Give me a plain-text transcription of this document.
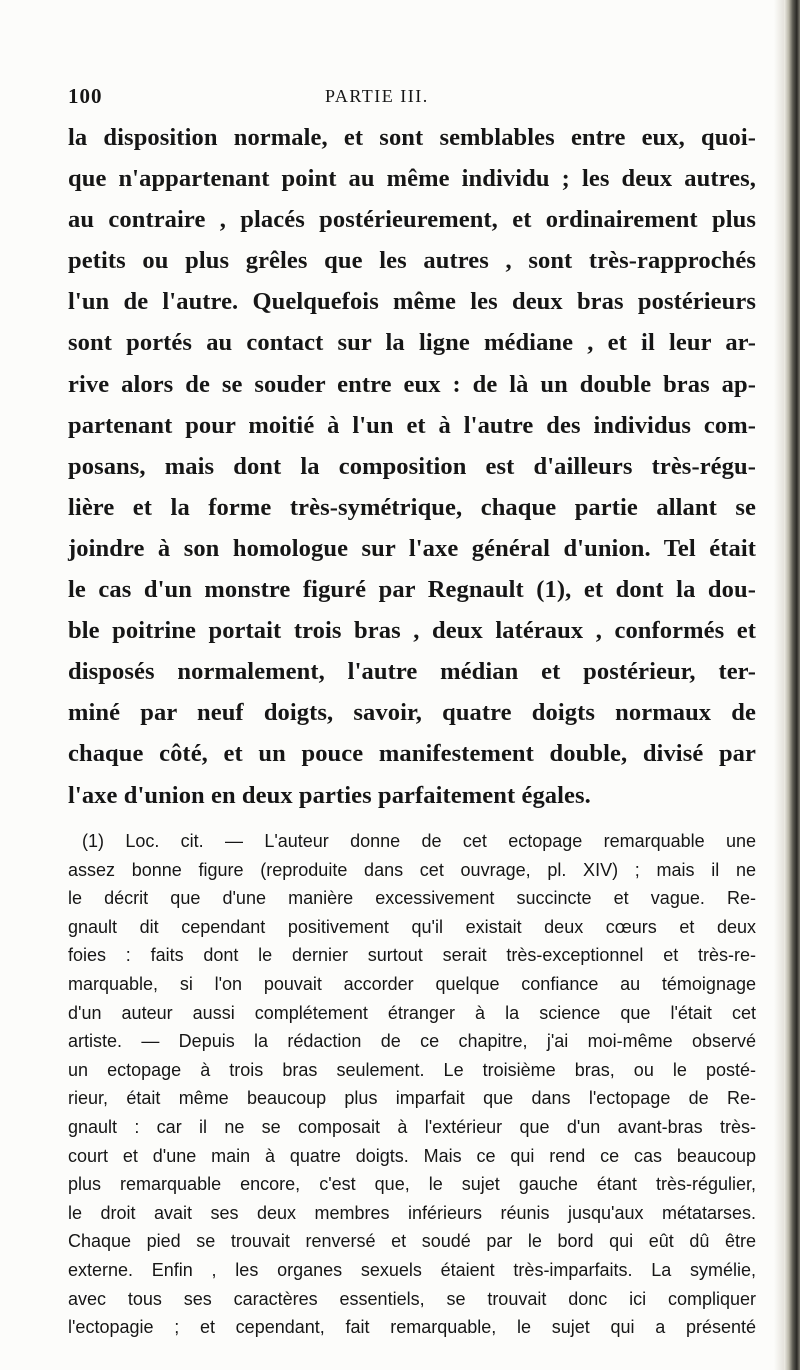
100	PARTIE III.
la disposition normale, et sont semblables entre eux, quoi-
que n'appartenant point au même individu ; les deux autres,
au contraire , placés postérieurement, et ordinairement plus
petits ou plus grêles que les autres , sont très-rapprochés
l'un de l'autre. Quelquefois même les deux bras postérieurs
sont portés au contact sur la ligne médiane , et il leur ar-
rive alors de se souder entre eux : de là un double bras ap-
partenant pour moitié à l'un et à l'autre des individus com-
posans, mais dont la composition est d'ailleurs très-régu-
lière et la forme très-symétrique, chaque partie allant se
joindre à son homologue sur l'axe général d'union. Tel était
le cas d'un monstre figuré par Regnault (1), et dont la dou-
ble poitrine portait trois bras , deux latéraux , conformés et
disposés normalement, l'autre médian et postérieur, ter-
miné par neuf doigts, savoir, quatre doigts normaux de
chaque côté, et un pouce manifestement double, divisé par
l'axe d'union en deux parties parfaitement égales.
(1) Loc. cit. — L'auteur donne de cet ectopage remarquable une
assez bonne figure (reproduite dans cet ouvrage, pl. XIV) ; mais il ne
le décrit que d'une manière excessivement succincte et vague. Re-
gnault dit cependant positivement qu'il existait deux cœurs et deux
foies : faits dont le dernier surtout serait très-exceptionnel et très-re-
marquable, si l'on pouvait accorder quelque confiance au témoignage
d'un auteur aussi complétement étranger à la science que l'était cet
artiste. — Depuis la rédaction de ce chapitre, j'ai moi-même observé
un ectopage à trois bras seulement. Le troisième bras, ou le posté-
rieur, était même beaucoup plus imparfait que dans l'ectopage de Re-
gnault : car il ne se composait à l'extérieur que d'un avant-bras très-
court et d'une main à quatre doigts. Mais ce qui rend ce cas beaucoup
plus remarquable encore, c'est que, le sujet gauche étant très-régulier,
le droit avait ses deux membres inférieurs réunis jusqu'aux métatarses.
Chaque pied se trouvait renversé et soudé par le bord qui eût dû être
externe. Enfin , les organes sexuels étaient très-imparfaits. La symélie,
avec tous ses caractères essentiels, se trouvait donc ici compliquer
l'ectopagie ; et cependant, fait remarquable, le sujet qui a présenté
